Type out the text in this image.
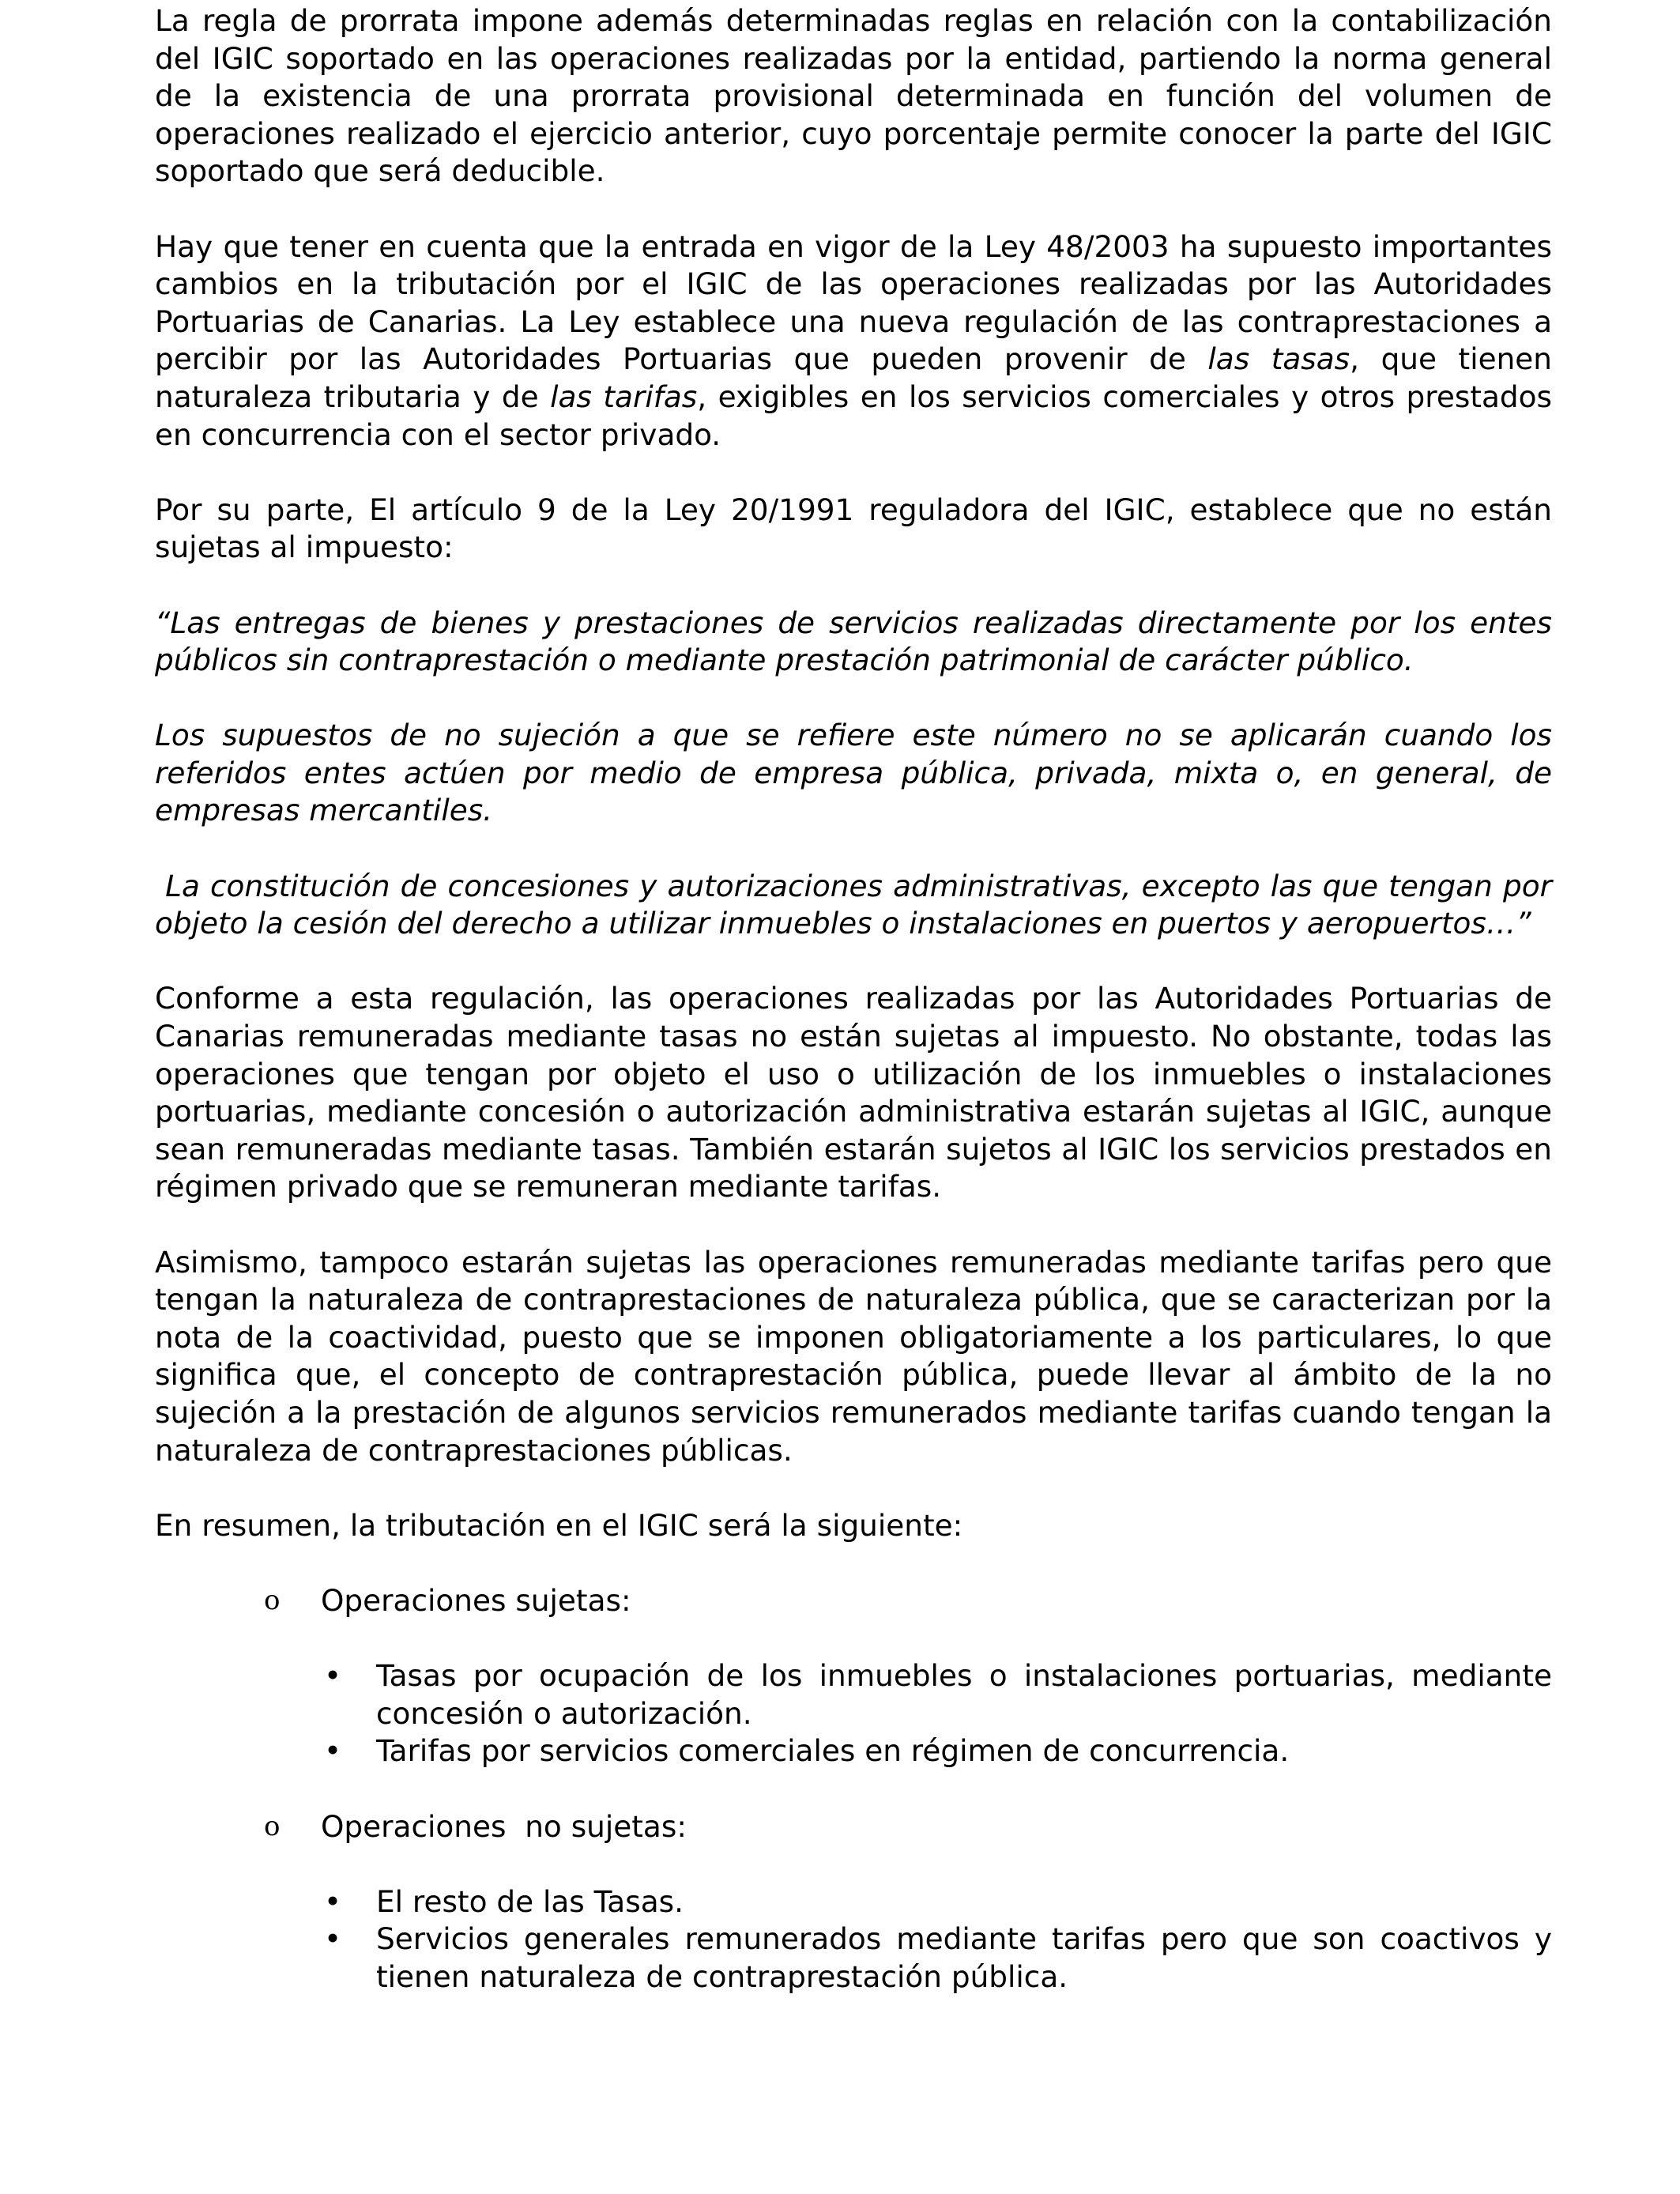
La regla de prorrata impone además determinadas reglas en relación con la contabilización del IGIC soportado en las operaciones realizadas por la entidad, partiendo la norma general de la existencia de una prorrata provisional determinada en función del volumen de operaciones realizado el ejercicio anterior, cuyo porcentaje permite conocer la parte del IGIC soportado que será deducible.

Hay que tener en cuenta que la entrada en vigor de la Ley 48/2003 ha supuesto importantes cambios en la tributación por el IGIC de las operaciones realizadas por las Autoridades Portuarias de Canarias. La Ley establece una nueva regulación de las contraprestaciones a percibir por las Autoridades Portuarias que pueden provenir de las tasas, que tienen naturaleza tributaria y de las tarifas, exigibles en los servicios comerciales y otros prestados en concurrencia con el sector privado.

Por su parte, El artículo 9 de la Ley 20/1991 reguladora del IGIC, establece que no están sujetas al impuesto:

“Las entregas de bienes y prestaciones de servicios realizadas directamente por los entes públicos sin contraprestación o mediante prestación patrimonial de carácter público.

Los supuestos de no sujeción a que se refiere este número no se aplicarán cuando los referidos entes actúen por medio de empresa pública, privada, mixta o, en general, de empresas mercantiles.

La constitución de concesiones y autorizaciones administrativas, excepto las que tengan por objeto la cesión del derecho a utilizar inmuebles o instalaciones en puertos y aeropuertos…”

Conforme a esta regulación, las operaciones realizadas por las Autoridades Portuarias de Canarias remuneradas mediante tasas no están sujetas al impuesto. No obstante, todas las operaciones que tengan por objeto el uso o utilización de los inmuebles o instalaciones portuarias, mediante concesión o autorización administrativa estarán sujetas al IGIC, aunque sean remuneradas mediante tasas. También estarán sujetos al IGIC los servicios prestados en régimen privado que se remuneran mediante tarifas.

Asimismo, tampoco estarán sujetas las operaciones remuneradas mediante tarifas pero que tengan la naturaleza de contraprestaciones de naturaleza pública, que se caracterizan por la nota de la coactividad, puesto que se imponen obligatoriamente a los particulares, lo que significa que, el concepto de contraprestación pública, puede llevar al ámbito de la no sujeción a la prestación de algunos servicios remunerados mediante tarifas cuando tengan la naturaleza de contraprestaciones públicas.

En resumen, la tributación en el IGIC será la siguiente:

o Operaciones sujetas:

• Tasas por ocupación de los inmuebles o instalaciones portuarias, mediante concesión o autorización.

• Tarifas por servicios comerciales en régimen de concurrencia.

o Operaciones  no sujetas:

• El resto de las Tasas.

• Servicios generales remunerados mediante tarifas pero que son coactivos y tienen naturaleza de contraprestación pública.
